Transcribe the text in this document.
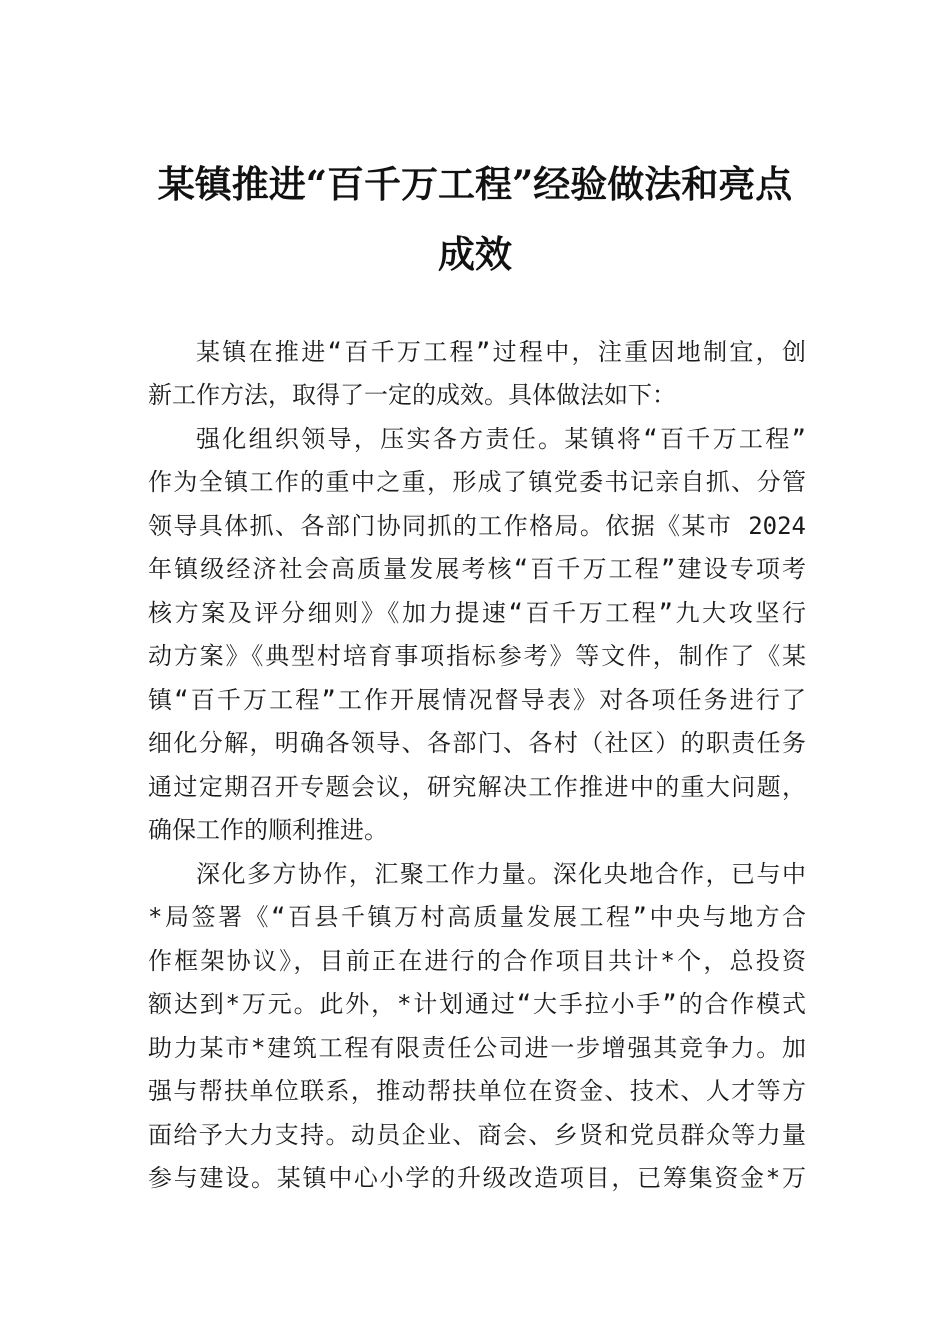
某镇推进“百千万工程”经验做法和亮点
成效
某镇在推进“百千万工程”过程中，注重因地制宜，创
新工作方法，取得了一定的成效。具体做法如下：
强化组织领导，压实各方责任。某镇将“百千万工程”
作为全镇工作的重中之重，形成了镇党委书记亲自抓、分管
领导具体抓、各部门协同抓的工作格局。依据《某市 2024
年镇级经济社会高质量发展考核“百千万工程”建设专项考
核方案及评分细则》《加力提速“百千万工程”九大攻坚行
动方案》《典型村培育事项指标参考》等文件，制作了《某
镇“百千万工程”工作开展情况督导表》对各项任务进行了
细化分解，明确各领导、各部门、各村（社区）的职责任务
通过定期召开专题会议，研究解决工作推进中的重大问题，
确保工作的顺利推进。
深化多方协作，汇聚工作力量。深化央地合作，已与中
*局签署《“百县千镇万村高质量发展工程”中央与地方合
作框架协议》，目前正在进行的合作项目共计*个，总投资
额达到*万元。此外，*计划通过“大手拉小手”的合作模式
助力某市*建筑工程有限责任公司进一步增强其竞争力。加
强与帮扶单位联系，推动帮扶单位在资金、技术、人才等方
面给予大力支持。动员企业、商会、乡贤和党员群众等力量
参与建设。某镇中心小学的升级改造项目，已筹集资金*万
